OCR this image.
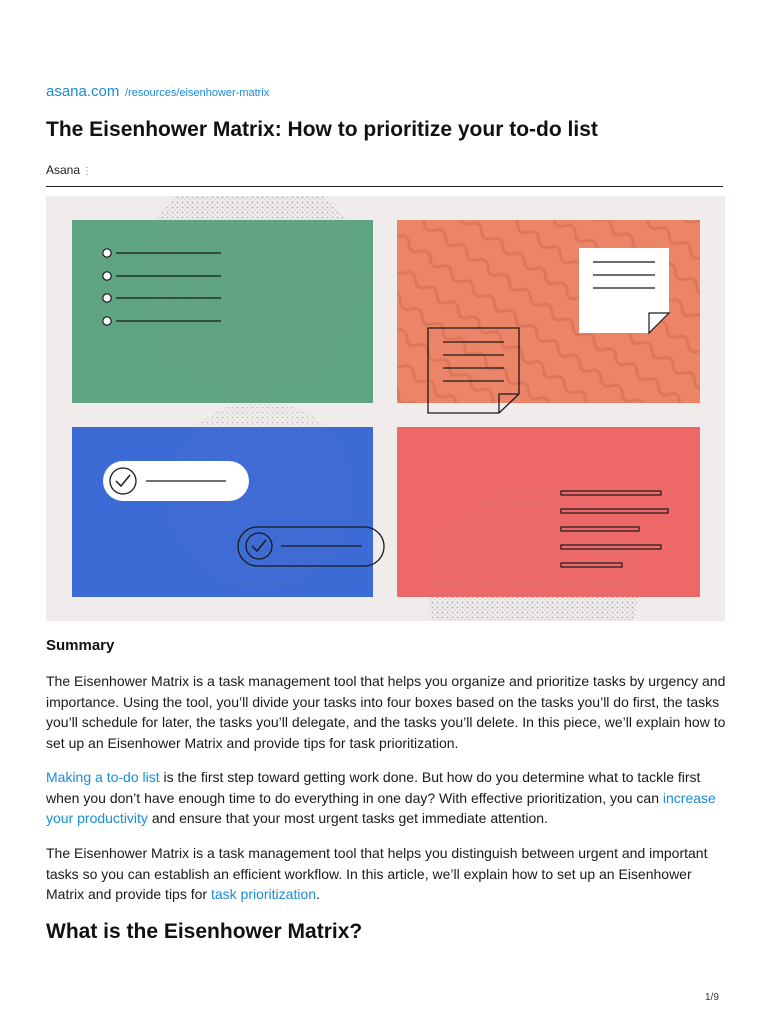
asana.com /resources/eisenhower-matrix
The Eisenhower Matrix: How to prioritize your to-do list
Asana ⋮
Summary

The Eisenhower Matrix is a task management tool that helps you organize and prioritize tasks by urgency and importance. Using the tool, you’ll divide your tasks into four boxes based on the tasks you’ll do first, the tasks you’ll schedule for later, the tasks you’ll delegate, and the tasks you’ll delete. In this piece, we’ll explain how to set up an Eisenhower Matrix and provide tips for task prioritization.

Making a to-do list is the first step toward getting work done. But how do you determine what to tackle first when you don’t have enough time to do everything in one day? With effective prioritization, you can increase your productivity and ensure that your most urgent tasks get immediate attention.

The Eisenhower Matrix is a task management tool that helps you distinguish between urgent and important tasks so you can establish an efficient workflow. In this article, we’ll explain how to set up an Eisenhower Matrix and provide tips for task prioritization.

What is the Eisenhower Matrix?
1/9
